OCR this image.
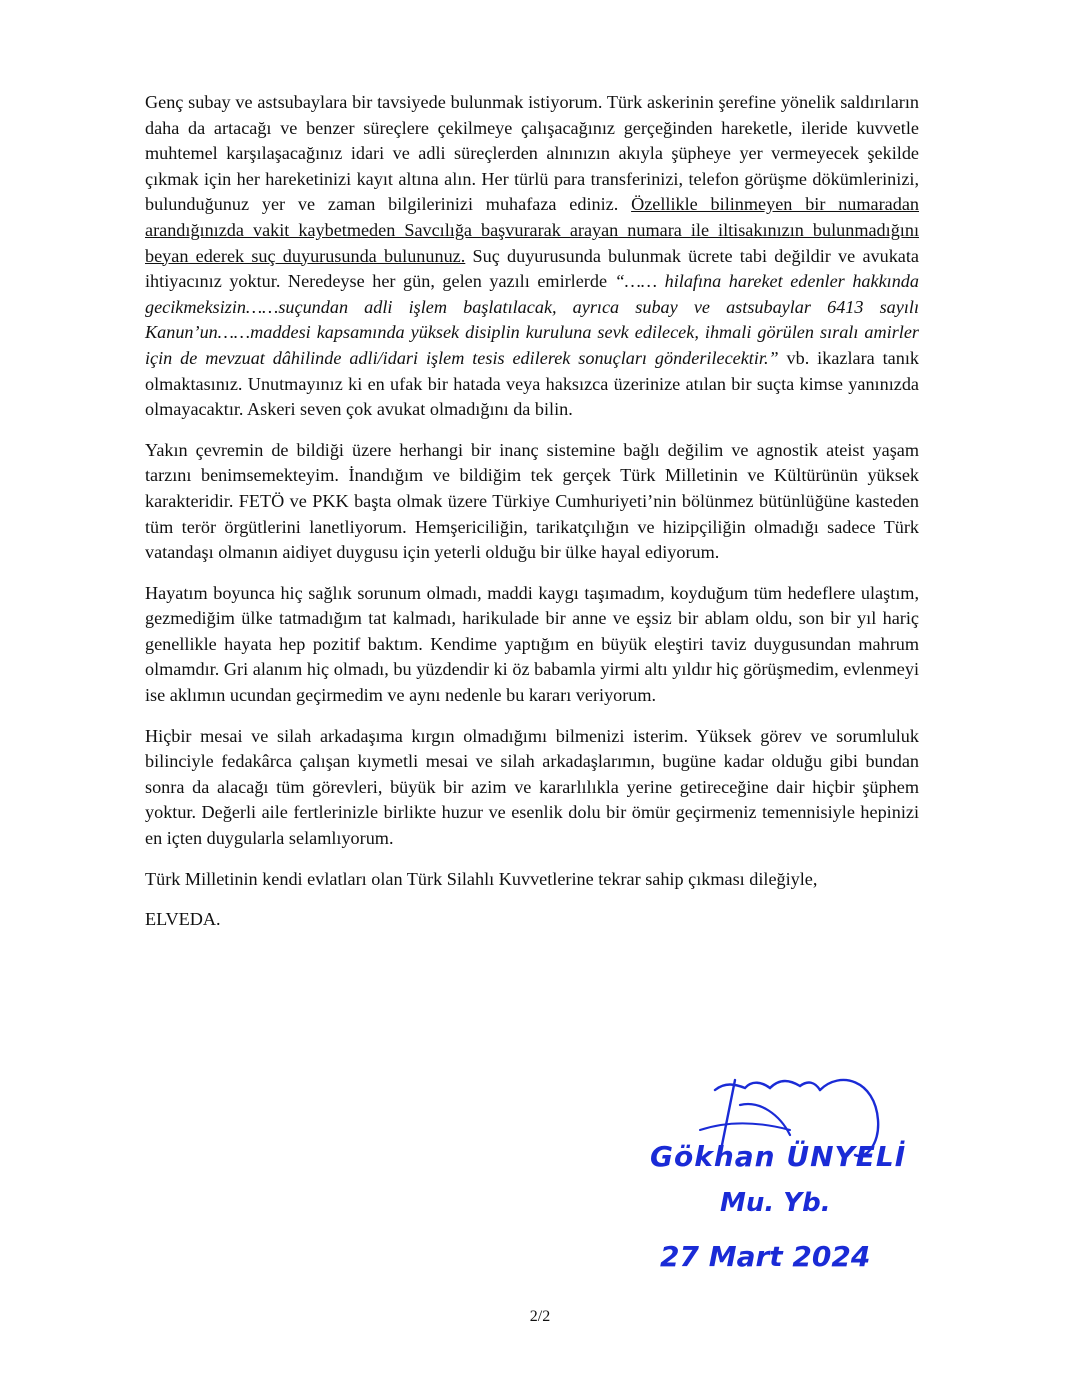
Genç subay ve astsubaylara bir tavsiyede bulunmak istiyorum. Türk askerinin şerefine yönelik saldırıların daha da artacağı ve benzer süreçlere çekilmeye çalışacağınız gerçeğinden hareketle, ileride kuvvetle muhtemel karşılaşacağınız idari ve adli süreçlerden alnınızın akıyla şüpheye yer vermeyecek şekilde çıkmak için her hareketinizi kayıt altına alın. Her türlü para transferinizi, telefon görüşme dökümlerinizi, bulunduğunuz yer ve zaman bilgilerinizi muhafaza ediniz. Özellikle bilinmeyen bir numaradan arandığınızda vakit kaybetmeden Savcılığa başvurarak arayan numara ile iltisakınızın bulunmadığını beyan ederek suç duyurusunda bulununuz. Suç duyurusunda bulunmak ücrete tabi değildir ve avukata ihtiyacınız yoktur. Neredeyse her gün, gelen yazılı emirlerde “…… hilafına hareket edenler hakkında gecikmeksizin……suçundan adli işlem başlatılacak, ayrıca subay ve astsubaylar 6413 sayılı Kanun’un……maddesi kapsamında yüksek disiplin kuruluna sevk edilecek, ihmali görülen sıralı amirler için de mevzuat dâhilinde adli/idari işlem tesis edilerek sonuçları gönderilecektir.” vb. ikazlara tanık olmaktasınız. Unutmayınız ki en ufak bir hatada veya haksızca üzerinize atılan bir suçta kimse yanınızda olmayacaktır. Askeri seven çok avukat olmadığını da bilin.

Yakın çevremin de bildiği üzere herhangi bir inanç sistemine bağlı değilim ve agnostik ateist yaşam tarzını benimsemekteyim. İnandığım ve bildiğim tek gerçek Türk Milletinin ve Kültürünün yüksek karakteridir. FETÖ ve PKK başta olmak üzere Türkiye Cumhuriyeti’nin bölünmez bütünlüğüne kasteden tüm terör örgütlerini lanetliyorum. Hemşericiliğin, tarikatçılığın ve hizipçiliğin olmadığı sadece Türk vatandaşı olmanın aidiyet duygusu için yeterli olduğu bir ülke hayal ediyorum.

Hayatım boyunca hiç sağlık sorunum olmadı, maddi kaygı taşımadım, koyduğum tüm hedeflere ulaştım, gezmediğim ülke tatmadığım tat kalmadı, harikulade bir anne ve eşsiz bir ablam oldu, son bir yıl hariç genellikle hayata hep pozitif baktım. Kendime yaptığım en büyük eleştiri taviz duygusundan mahrum olmamdır. Gri alanım hiç olmadı, bu yüzdendir ki öz babamla yirmi altı yıldır hiç görüşmedim, evlenmeyi ise aklımın ucundan geçirmedim ve aynı nedenle bu kararı veriyorum.

Hiçbir mesai ve silah arkadaşıma kırgın olmadığımı bilmenizi isterim. Yüksek görev ve sorumluluk bilinciyle fedakârca çalışan kıymetli mesai ve silah arkadaşlarımın, bugüne kadar olduğu gibi bundan sonra da alacağı tüm görevleri, büyük bir azim ve kararlılıkla yerine getireceğine dair hiçbir şüphem yoktur. Değerli aile fertlerinizle birlikte huzur ve esenlik dolu bir ömür geçirmeniz temennisiyle hepinizi en içten duygularla selamlıyorum.

Türk Milletinin kendi evlatları olan Türk Silahlı Kuvvetlerine tekrar sahip çıkması dileğiyle,

ELVEDA.

Gökhan ÜNYELİ
Mu. Yb.
27 Mart 2024
2/2
